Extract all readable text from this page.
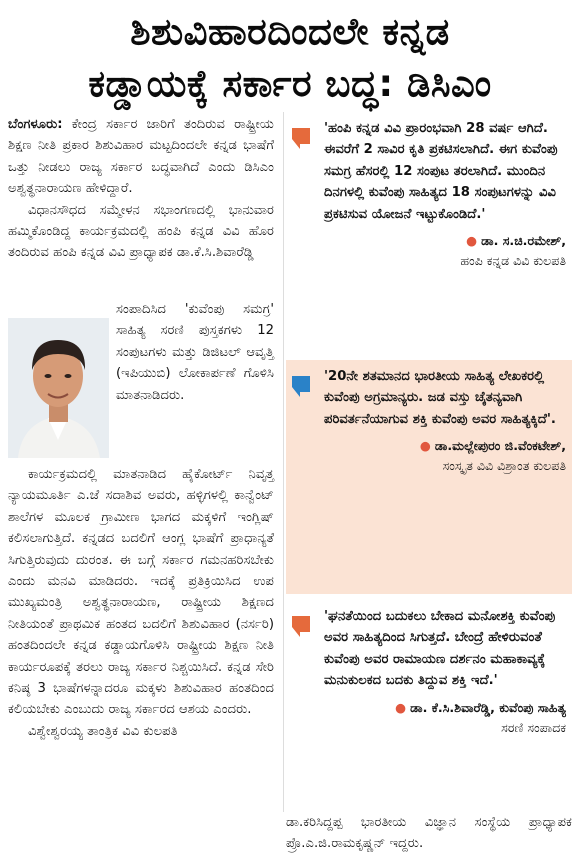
ಶಿಶುವಿಹಾರದಿಂದಲೇ ಕನ್ನಡ
ಕಡ್ಡಾಯಕ್ಕೆ ಸರ್ಕಾರ ಬದ್ಧ: ಡಿಸಿಎಂ

ಬೆಂಗಳೂರು: ಕೇಂದ್ರ ಸರ್ಕಾರ ಜಾರಿಗೆ ತಂದಿರುವ ರಾಷ್ಟ್ರೀಯ ಶಿಕ್ಷಣ ನೀತಿ ಪ್ರಕಾರ ಶಿಶುವಿಹಾರ ಮಟ್ಟದಿಂದಲೇ ಕನ್ನಡ ಭಾಷೆಗೆ ಒತ್ತು ನೀಡಲು ರಾಜ್ಯ ಸರ್ಕಾರ ಬದ್ಧವಾಗಿದೆ ಎಂದು ಡಿಸಿಎಂ ಅಶ್ವತ್ಥನಾರಾಯಣ ಹೇಳಿದ್ದಾರೆ.

ವಿಧಾನಸೌಧದ ಸಮ್ಮೇಳನ ಸಭಾಂಗಣದಲ್ಲಿ ಭಾನುವಾರ ಹಮ್ಮಿಕೊಂಡಿದ್ದ ಕಾರ್ಯಕ್ರಮದಲ್ಲಿ ಹಂಪಿ ಕನ್ನಡ ವಿವಿ ಹೊರ ತಂದಿರುವ ಹಂಪಿ ಕನ್ನಡ ವಿವಿ ಪ್ರಾಧ್ಯಾಪಕ ಡಾ.ಕೆ.ಸಿ.ಶಿವಾರೆಡ್ಡಿ

ಸಂಪಾದಿಸಿದ 'ಕುವೆಂಪು ಸಮಗ್ರ' ಸಾಹಿತ್ಯ ಸರಣಿ ಪುಸ್ತಕಗಳು 12 ಸಂಪುಟಗಳು ಮತ್ತು ಡಿಜಿಟಲ್ ಆವೃತ್ತಿ (ಇಪಿಯುಬಿ) ಲೋಕಾರ್ಪಣೆ ಗೊಳಿಸಿ ಮಾತನಾಡಿದರು.

ಕಾರ್ಯಕ್ರಮದಲ್ಲಿ ಮಾತನಾಡಿದ ಹೈಕೋರ್ಟ್ ನಿವೃತ್ತ ನ್ಯಾಯಮೂರ್ತಿ ಎ.ಜೆ ಸದಾಶಿವ ಅವರು, ಹಳ್ಳಿಗಳಲ್ಲಿ ಕಾನ್ವೆಂಟ್ ಶಾಲೆಗಳ ಮೂಲಕ ಗ್ರಾಮೀಣ ಭಾಗದ ಮಕ್ಕಳಿಗೆ ಇಂಗ್ಲಿಷ್ ಕಲಿಸಲಾಗುತ್ತಿದೆ. ಕನ್ನಡದ ಬದಲಿಗೆ ಆಂಗ್ಲ ಭಾಷೆಗೆ ಪ್ರಾಧಾನ್ಯತೆ ಸಿಗುತ್ತಿರುವುದು ದುರಂತ. ಈ ಬಗ್ಗೆ ಸರ್ಕಾರ ಗಮನಹರಿಸಬೇಕು ಎಂದು ಮನವಿ ಮಾಡಿದರು. ಇದಕ್ಕೆ ಪ್ರತಿಕ್ರಿಯಿಸಿದ ಉಪ ಮುಖ್ಯಮಂತ್ರಿ ಅಶ್ವತ್ಥನಾರಾಯಣ, ರಾಷ್ಟ್ರೀಯ ಶಿಕ್ಷಣದ ನೀತಿಯಂತೆ ಪ್ರಾಥಮಿಕ ಹಂತದ ಬದಲಿಗೆ ಶಿಶುವಿಹಾರ (ನರ್ಸರಿ) ಹಂತದಿಂದಲೇ ಕನ್ನಡ ಕಡ್ಡಾಯಗೊಳಿಸಿ ರಾಷ್ಟ್ರೀಯ ಶಿಕ್ಷಣ ನೀತಿ ಕಾರ್ಯರೂಪಕ್ಕೆ ತರಲು ರಾಜ್ಯ ಸರ್ಕಾರ ನಿಶ್ಚಯಿಸಿದೆ. ಕನ್ನಡ ಸೇರಿ ಕನಿಷ್ಠ 3 ಭಾಷೆಗಳನ್ನಾದರೂ ಮಕ್ಕಳು ಶಿಶುವಿಹಾರ ಹಂತದಿಂದ ಕಲಿಯಬೇಕು ಎಂಬುದು ರಾಜ್ಯ ಸರ್ಕಾರದ ಆಶಯ ಎಂದರು.

ವಿಶ್ವೇಶ್ವರಯ್ಯ ತಾಂತ್ರಿಕ ವಿವಿ ಕುಲಪತಿ

'ಹಂಪಿ ಕನ್ನಡ ವಿವಿ ಪ್ರಾರಂಭವಾಗಿ 28 ವರ್ಷ ಆಗಿದೆ. ಈವರೆಗೆ 2 ಸಾವಿರ ಕೃತಿ ಪ್ರಕಟಿಸಲಾಗಿದೆ. ಈಗ ಕುವೆಂಪು ಸಮಗ್ರ ಹೆಸರಲ್ಲಿ 12 ಸಂಪುಟ ತರಲಾಗಿದೆ. ಮುಂದಿನ ದಿನಗಳಲ್ಲಿ ಕುವೆಂಪು ಸಾಹಿತ್ಯದ 18 ಸಂಪುಟಗಳನ್ನು ವಿವಿ ಪ್ರಕಟಿಸುವ ಯೋಜನೆ ಇಟ್ಟುಕೊಂಡಿದೆ.'
● ಡಾ. ಸ.ಚಿ.ರಮೇಶ್,
ಹಂಪಿ ಕನ್ನಡ ವಿವಿ ಕುಲಪತಿ
'20ನೇ ಶತಮಾನದ ಭಾರತೀಯ ಸಾಹಿತ್ಯ ಲೇಖಕರಲ್ಲಿ ಕುವೆಂಪು ಅಗ್ರಮಾನ್ಯರು. ಜಡ ವಸ್ತು ಚೈತನ್ಯವಾಗಿ ಪರಿವರ್ತನೆಯಾಗುವ ಶಕ್ತಿ ಕುವೆಂಪು ಅವರ ಸಾಹಿತ್ಯಕ್ಕಿದೆ'.
● ಡಾ.ಮಲ್ಲೇಪುರಂ ಜಿ.ವೆಂಕಟೇಶ್,
ಸಂಸ್ಕೃತ ವಿವಿ ವಿಶ್ರಾಂತ ಕುಲಪತಿ
'ಘನತೆಯಿಂದ ಬದುಕಲು ಬೇಕಾದ ಮನೋಶಕ್ತಿ ಕುವೆಂಪು ಅವರ ಸಾಹಿತ್ಯದಿಂದ ಸಿಗುತ್ತದೆ. ಬೇಂದ್ರೆ ಹೇಳಿರುವಂತೆ ಕುವೆಂಪು ಅವರ ರಾಮಾಯಣ ದರ್ಶನಂ ಮಹಾಕಾವ್ಯಕ್ಕೆ ಮನುಕುಲಕದ ಬದಕು ತಿದ್ದುವ ಶಕ್ತಿ ಇದೆ.'
● ಡಾ. ಕೆ.ಸಿ.ಶಿವಾರೆಡ್ಡಿ, ಕುವೆಂಪು ಸಾಹಿತ್ಯ
ಸರಣಿ ಸಂಪಾದಕ
ಡಾ.ಕರಿಸಿದ್ದಪ್ಪ ಭಾರತೀಯ ವಿಜ್ಞಾನ ಸಂಸ್ಥೆಯ ಪ್ರಾಧ್ಯಾಪಕ ಪ್ರೊ.ಎ.ಜಿ.ರಾಮಕೃಷ್ಣನ್ ಇದ್ದರು.
